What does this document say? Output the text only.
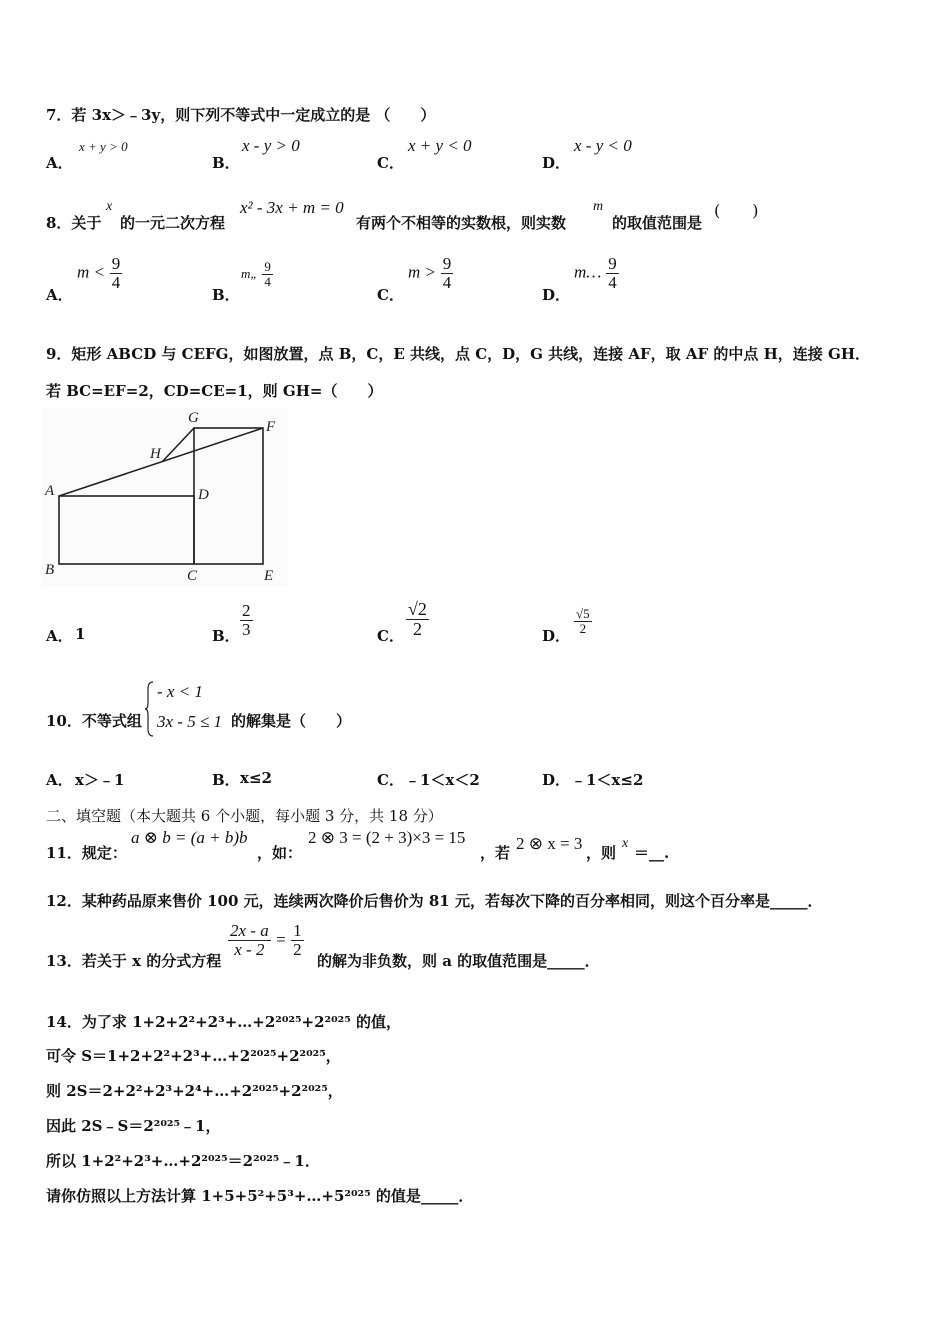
7．若 3x＞﹣3y，则下列不等式中一定成立的是 （　　）
A．
x + y > 0
B．
x - y > 0
C．
x + y < 0
D．
x - y < 0
8．关于
x
的一元二次方程
x² - 3x + m = 0
有两个不相等的实数根，则实数
m
的取值范围是
(　　)
A．
$m < \frac{9}{4}$
B．
m„ $\frac{9}{4}$
C．
$m > \frac{9}{4}$
D．
m… $\frac{9}{4}$
9．矩形 ABCD 与 CEFG，如图放置，点 B，C，E 共线，点 C，D，G 共线，连接 AF，取 AF 的中点 H，连接 GH．
若 BC=EF=2，CD=CE=1，则 GH=（　　）
G
F
H
A	D
B	C	E
A． 1	B． $\frac{2}{3}$	C． $\frac{√2}{2}$	D．
$\frac{√5}{2}$
10．不等式组
- x < 1
3x - 5 ≤ 1 的解集是（　　）
A． x＞﹣1	B． x≤2	C． ﹣1＜x＜2	D． ﹣1＜x≤2
二、填空题（本大题共 6 个小题，每小题 3 分，共 18 分）
11．规定：
a ⊗ b = (a + b)b
，如：
2 ⊗ 3 = (2 + 3)×3 = 15
，若 2 ⊗ x = 3 ，则
x
＝__.
12．某种药品原来售价 100 元，连续两次降价后售价为 81 元，若每次下降的百分率相同，则这个百分率是_____．
13．若关于 x 的分式方程
$\frac{2x - a}{x - 2} = \frac{1}{2}$
的解为非负数，则 a 的取值范围是_____．
14．为了求 1+2+2²+2³+…+2²⁰²⁵+2²⁰²⁵ 的值，
可令 S＝1+2+2²+2³+…+2²⁰²⁵+2²⁰²⁵，
则 2S＝2+2²+2³+2⁴+…+2²⁰²⁵+2²⁰²⁵，
因此 2S﹣S＝2²⁰²⁵﹣1，
所以 1+2²+2³+…+2²⁰²⁵＝2²⁰²⁵﹣1．
请你仿照以上方法计算 1+5+5²+5³+…+5²⁰²⁵ 的值是_____．
